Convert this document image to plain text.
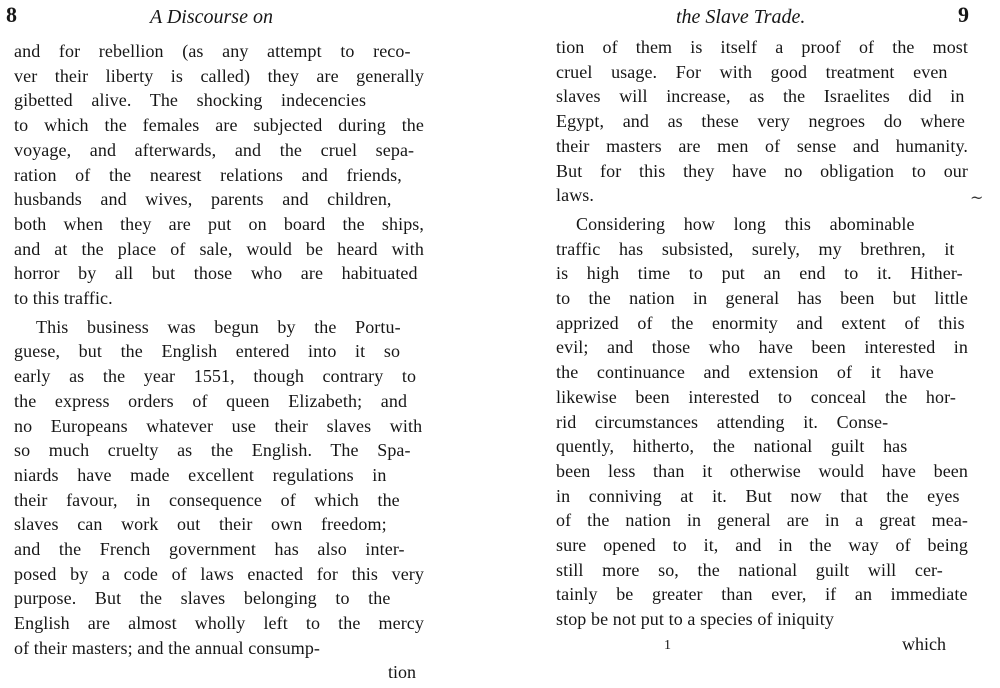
8	A Discourse on
and for rebellion (as any attempt to reco-
ver their liberty is called) they are generally
gibetted alive. The shocking indecencies
to which the females are subjected during the
voyage, and afterwards, and the cruel sepa-
ration of the nearest relations and friends,
husbands and wives, parents and children,
both when they are put on board the ships,
and at the place of sale, would be heard with
horror by all but those who are habituated
to this traffic.
This business was begun by the Portu-
guese, but the English entered into it so
early as the year 1551, though contrary to
the express orders of queen Elizabeth; and
no Europeans whatever use their slaves with
so much cruelty as the English. The Spa-
niards have made excellent regulations in
their favour, in consequence of which the
slaves can work out their own freedom;
and the French government has also inter-
posed by a code of laws enacted for this very
purpose. But the slaves belonging to the
English are almost wholly left to the mercy
of their masters; and the annual consump-
tion
the Slave Trade.	9
tion of them is itself a proof of the most
cruel usage. For with good treatment even
slaves will increase, as the Israelites did in
Egypt, and as these very negroes do where
their masters are men of sense and humanity.
But for this they have no obligation to our
laws.
Considering how long this abominable
traffic has subsisted, surely, my brethren, it
is high time to put an end to it. Hither-
to the nation in general has been but little
apprized of the enormity and extent of this
evil; and those who have been interested in
the continuance and extension of it have
likewise been interested to conceal the hor-
rid circumstances attending it. Conse-
quently, hitherto, the national guilt has
been less than it otherwise would have been
in conniving at it. But now that the eyes
of the nation in general are in a great mea-
sure opened to it, and in the way of being
still more so, the national guilt will cer-
tainly be greater than ever, if an immediate
stop be not put to a species of iniquity
1	which
~
